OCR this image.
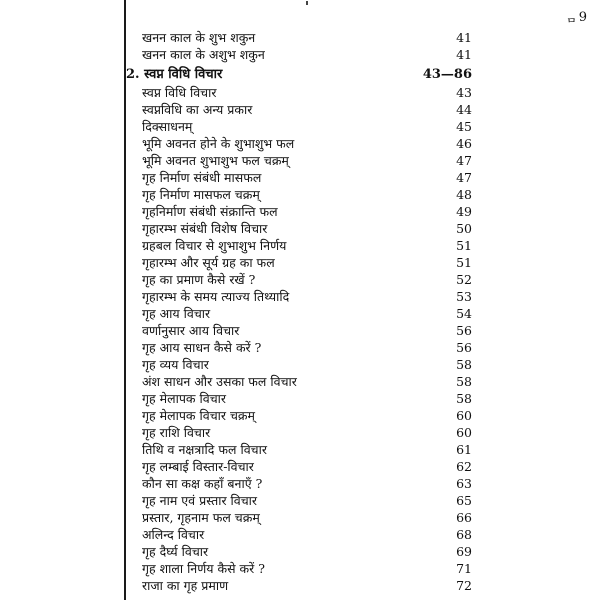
ᆷ9
खनन काल के शुभ शकुन	41
खनन काल के अशुभ शकुन	41
2. स्वप्न विधि विचार	43—86
स्वप्न विधि विचार	43
स्वप्नविधि का अन्य प्रकार	44
दिक्साधनम्	45
भूमि अवनत होने के शुभाशुभ फल	46
भूमि अवनत शुभाशुभ फल चक्रम्	47
गृह निर्माण संबंधी मासफल	47
गृह निर्माण मासफल चक्रम्	48
गृहनिर्माण संबंधी संक्रान्ति फल	49
गृहारम्भ संबंधी विशेष विचार	50
ग्रहबल विचार से शुभाशुभ निर्णय	51
गृहारम्भ और सूर्य ग्रह का फल	51
गृह का प्रमाण कैसे रखें ?	52
गृहारम्भ के समय त्याज्य तिथ्यादि	53
गृह आय विचार	54
वर्णानुसार आय विचार	56
गृह आय साधन कैसे करें ?	56
गृह व्यय विचार	58
अंश साधन और उसका फल विचार	58
गृह मेलापक विचार	58
गृह मेलापक विचार चक्रम्	60
गृह राशि विचार	60
तिथि व नक्षत्रादि फल विचार	61
गृह लम्बाई विस्तार-विचार	62
कौन सा कक्ष कहाँ बनाएँ ?	63
गृह नाम एवं प्रस्तार विचार	65
प्रस्तार, गृहनाम फल चक्रम्	66
अलिन्द विचार	68
गृह दैर्घ्य विचार	69
गृह शाला निर्णय कैसे करें ?	71
राजा का गृह प्रमाण	72
